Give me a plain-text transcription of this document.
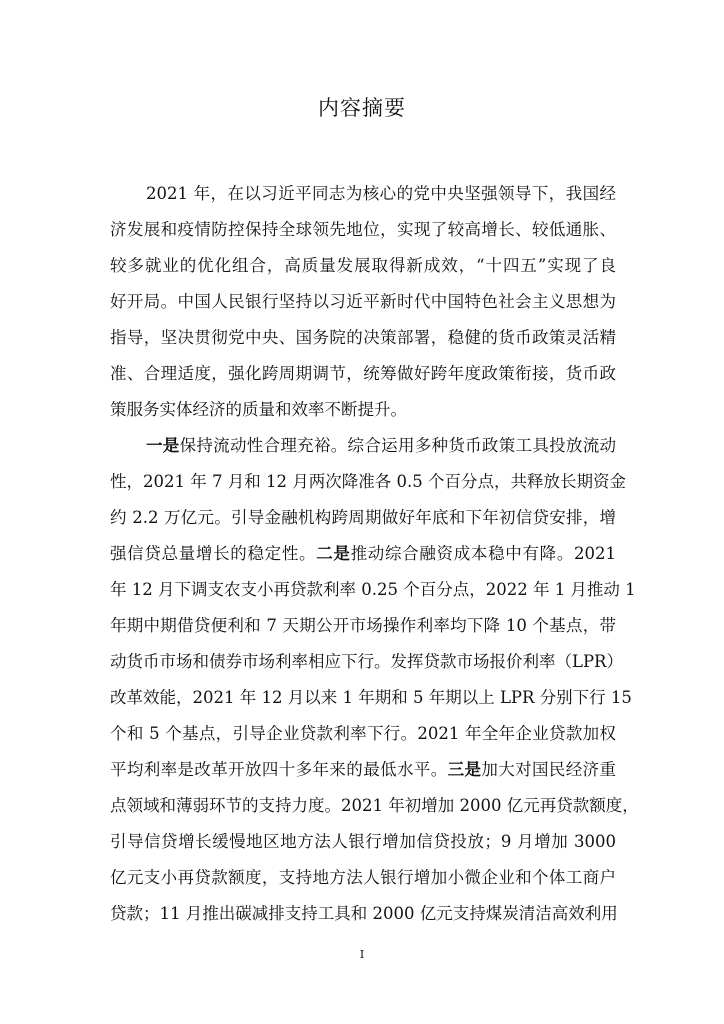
内容摘要
2021 年，在以习近平同志为核心的党中央坚强领导下，我国经
济发展和疫情防控保持全球领先地位，实现了较高增长、较低通胀、
较多就业的优化组合，高质量发展取得新成效，“十四五”实现了良
好开局。中国人民银行坚持以习近平新时代中国特色社会主义思想为
指导，坚决贯彻党中央、国务院的决策部署，稳健的货币政策灵活精
准、合理适度，强化跨周期调节，统筹做好跨年度政策衔接，货币政
策服务实体经济的质量和效率不断提升。
一是保持流动性合理充裕。综合运用多种货币政策工具投放流动
性，2021 年 7 月和 12 月两次降准各 0.5 个百分点，共释放长期资金
约 2.2 万亿元。引导金融机构跨周期做好年底和下年初信贷安排，增
强信贷总量增长的稳定性。二是推动综合融资成本稳中有降。2021
年 12 月下调支农支小再贷款利率 0.25 个百分点，2022 年 1 月推动 1
年期中期借贷便利和 7 天期公开市场操作利率均下降 10 个基点，带
动货币市场和债券市场利率相应下行。发挥贷款市场报价利率（LPR）
改革效能，2021 年 12 月以来 1 年期和 5 年期以上 LPR 分别下行 15
个和 5 个基点，引导企业贷款利率下行。2021 年全年企业贷款加权
平均利率是改革开放四十多年来的最低水平。三是加大对国民经济重
点领域和薄弱环节的支持力度。2021 年初增加 2000 亿元再贷款额度，
引导信贷增长缓慢地区地方法人银行增加信贷投放；9 月增加 3000
亿元支小再贷款额度，支持地方法人银行增加小微企业和个体工商户
贷款；11 月推出碳减排支持工具和 2000 亿元支持煤炭清洁高效利用
I
